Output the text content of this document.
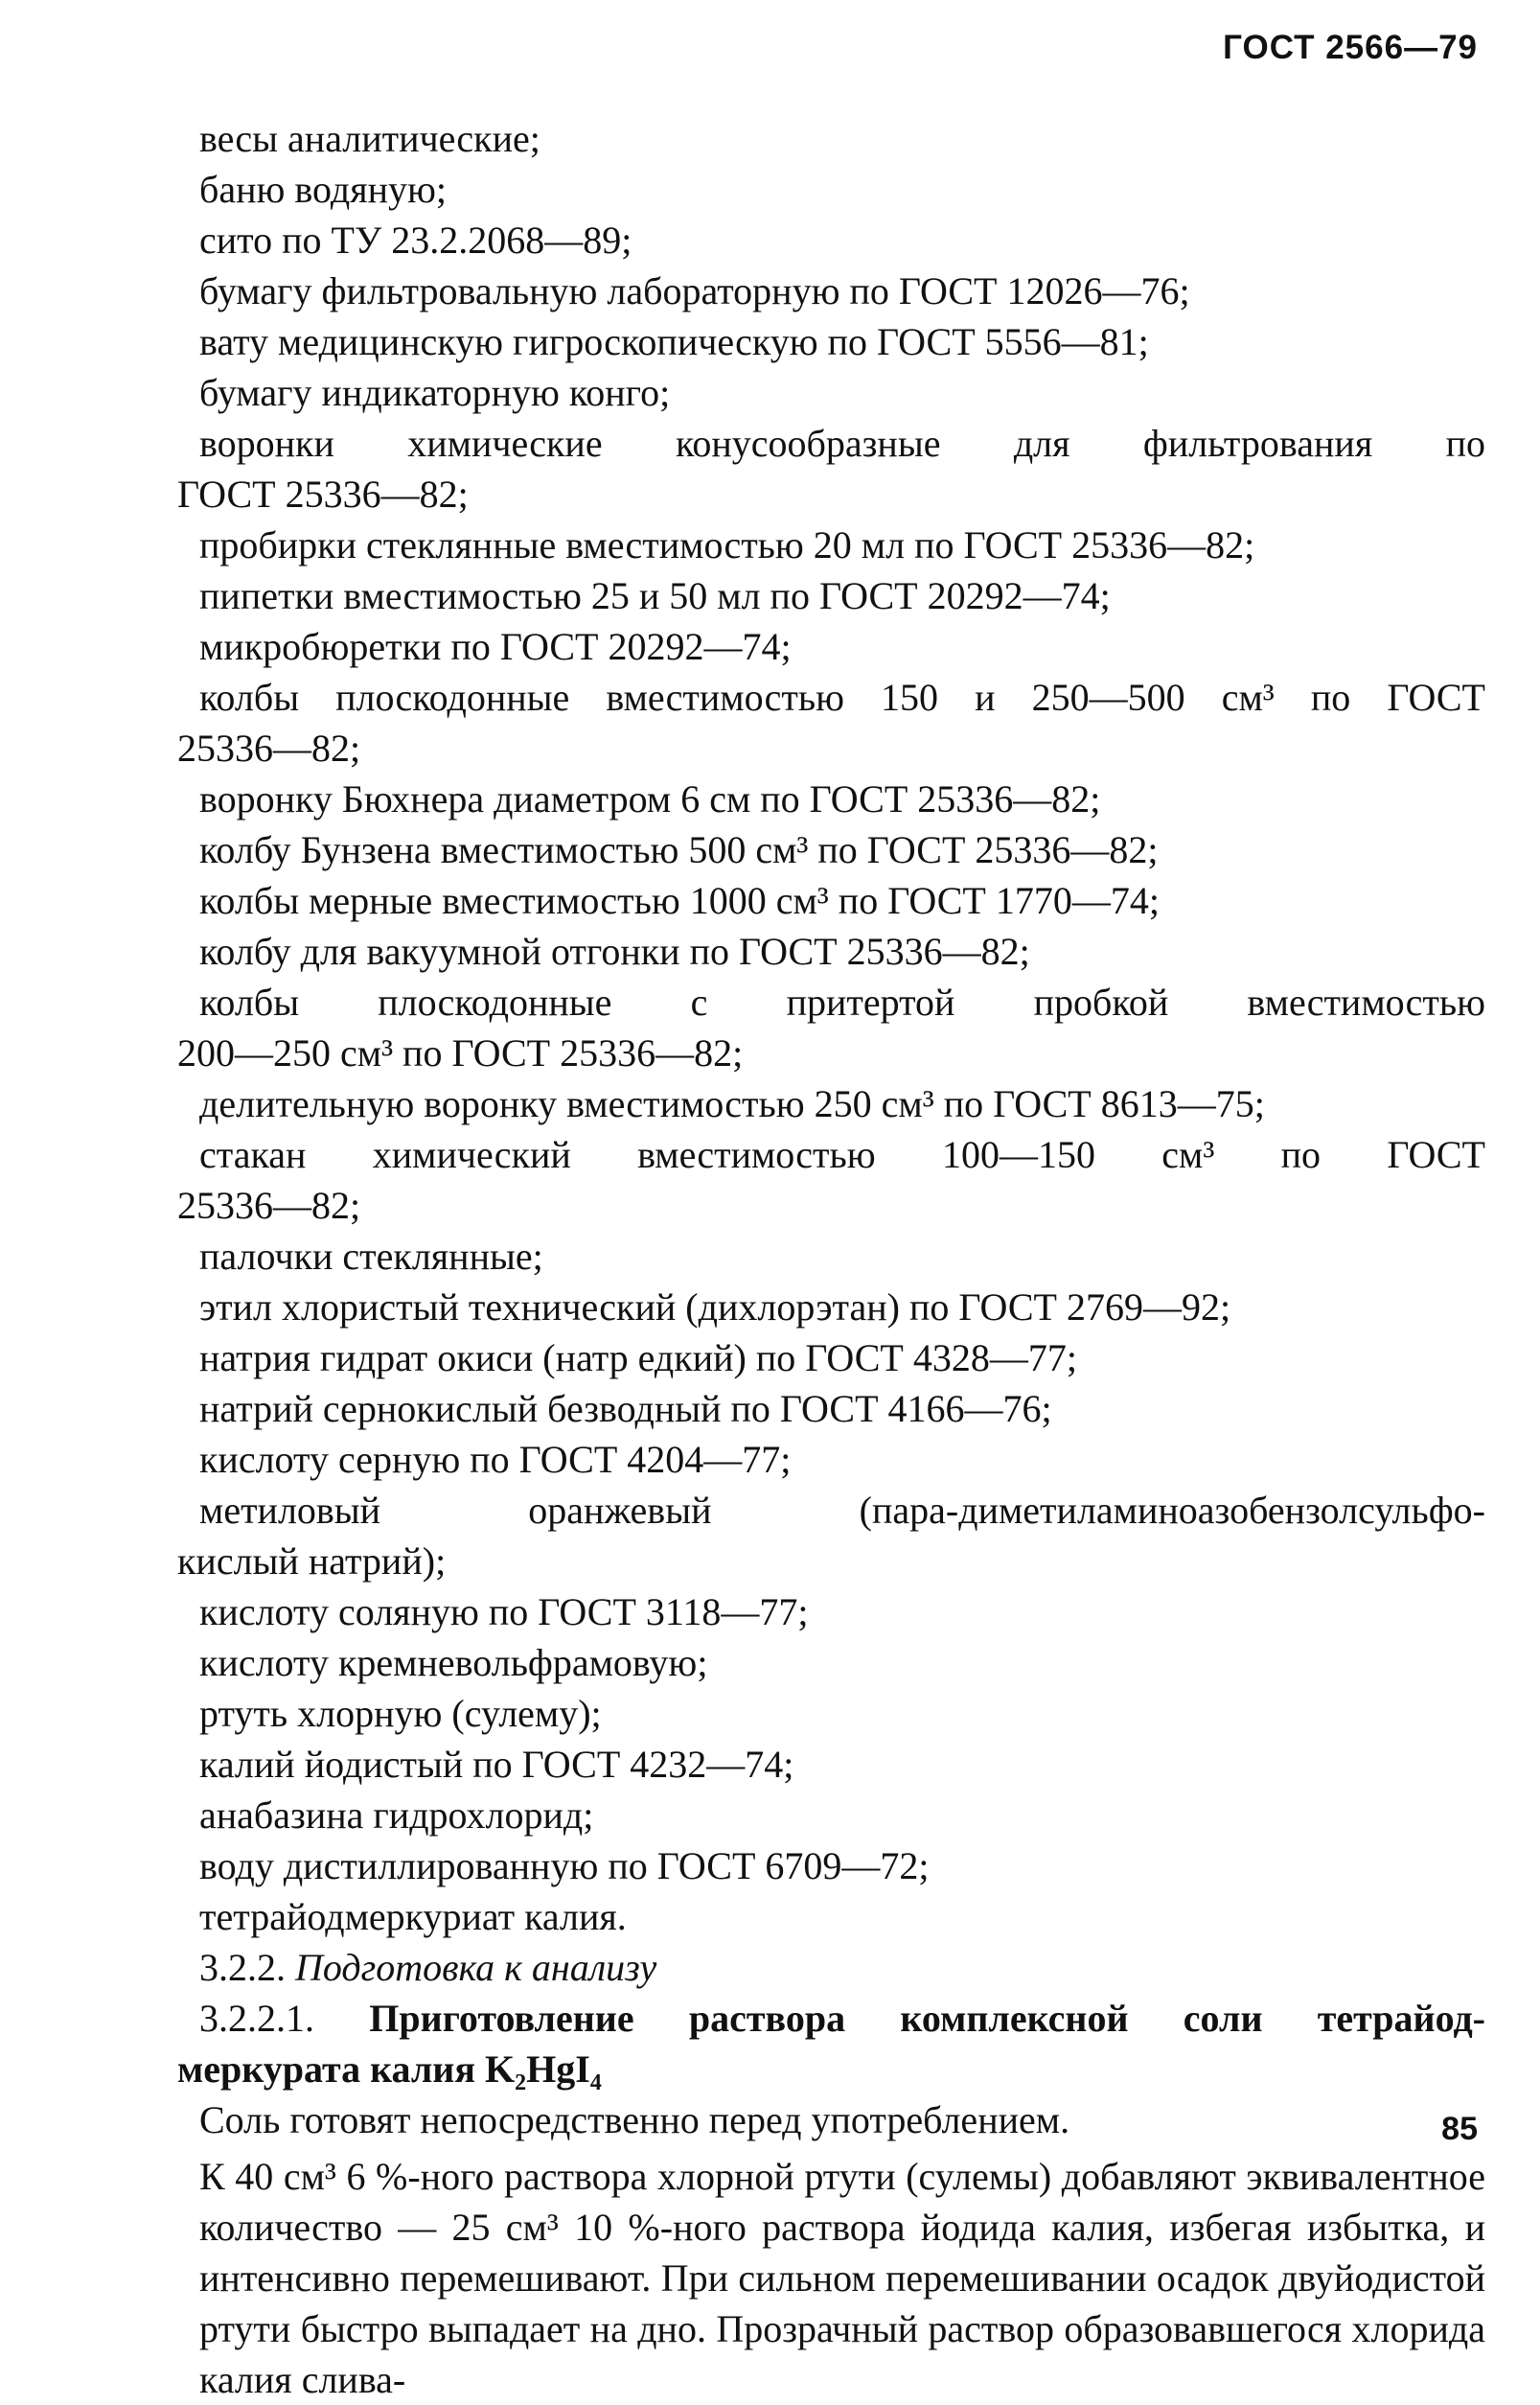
ГОСТ 2566—79
весы аналитические;
баню водяную;
сито по ТУ 23.2.2068—89;
бумагу фильтровальную лабораторную по ГОСТ 12026—76;
вату медицинскую гигроскопическую по ГОСТ 5556—81;
бумагу индикаторную конго;
воронки химические конусообразные для фильтрования по
ГОСТ 25336—82;
пробирки стеклянные вместимостью 20 мл по ГОСТ 25336—82;
пипетки вместимостью 25 и 50 мл по ГОСТ 20292—74;
микробюретки по ГОСТ 20292—74;
колбы плоскодонные вместимостью 150 и 250—500 см³ по ГОСТ
25336—82;
воронку Бюхнера диаметром 6 см по ГОСТ 25336—82;
колбу Бунзена вместимостью 500 см³ по ГОСТ 25336—82;
колбы мерные вместимостью 1000 см³ по ГОСТ 1770—74;
колбу для вакуумной отгонки по ГОСТ 25336—82;
колбы плоскодонные с притертой пробкой вместимостью
200—250 см³ по ГОСТ 25336—82;
делительную воронку вместимостью 250 см³ по ГОСТ 8613—75;
стакан химический вместимостью 100—150 см³ по ГОСТ
25336—82;
палочки стеклянные;
этил хлористый технический (дихлорэтан) по ГОСТ 2769—92;
натрия гидрат окиси (натр едкий) по ГОСТ 4328—77;
натрий сернокислый безводный по ГОСТ 4166—76;
кислоту серную по ГОСТ 4204—77;
метиловый оранжевый (пара-диметиламиноазобензолсульфо-
кислый натрий);
кислоту соляную по ГОСТ 3118—77;
кислоту кремневольфрамовую;
ртуть хлорную (сулему);
калий йодистый по ГОСТ 4232—74;
анабазина гидрохлорид;
воду дистиллированную по ГОСТ 6709—72;
тетрайодмеркуриат калия.
3.2.2. Подготовка к анализу
3.2.2.1. Приготовление раствора комплексной соли тетрайод-
меркурата калия K₂HgI₄
Соль готовят непосредственно перед употреблением.
К 40 см³ 6 %-ного раствора хлорной ртути (сулемы) добавляют эквивалентное количество — 25 см³ 10 %-ного раствора йодида калия, избегая избытка, и интенсивно перемешивают. При сильном перемешивании осадок двуйодистой ртути быстро выпадает на дно. Прозрачный раствор образовавшегося хлорида калия слива-
85
